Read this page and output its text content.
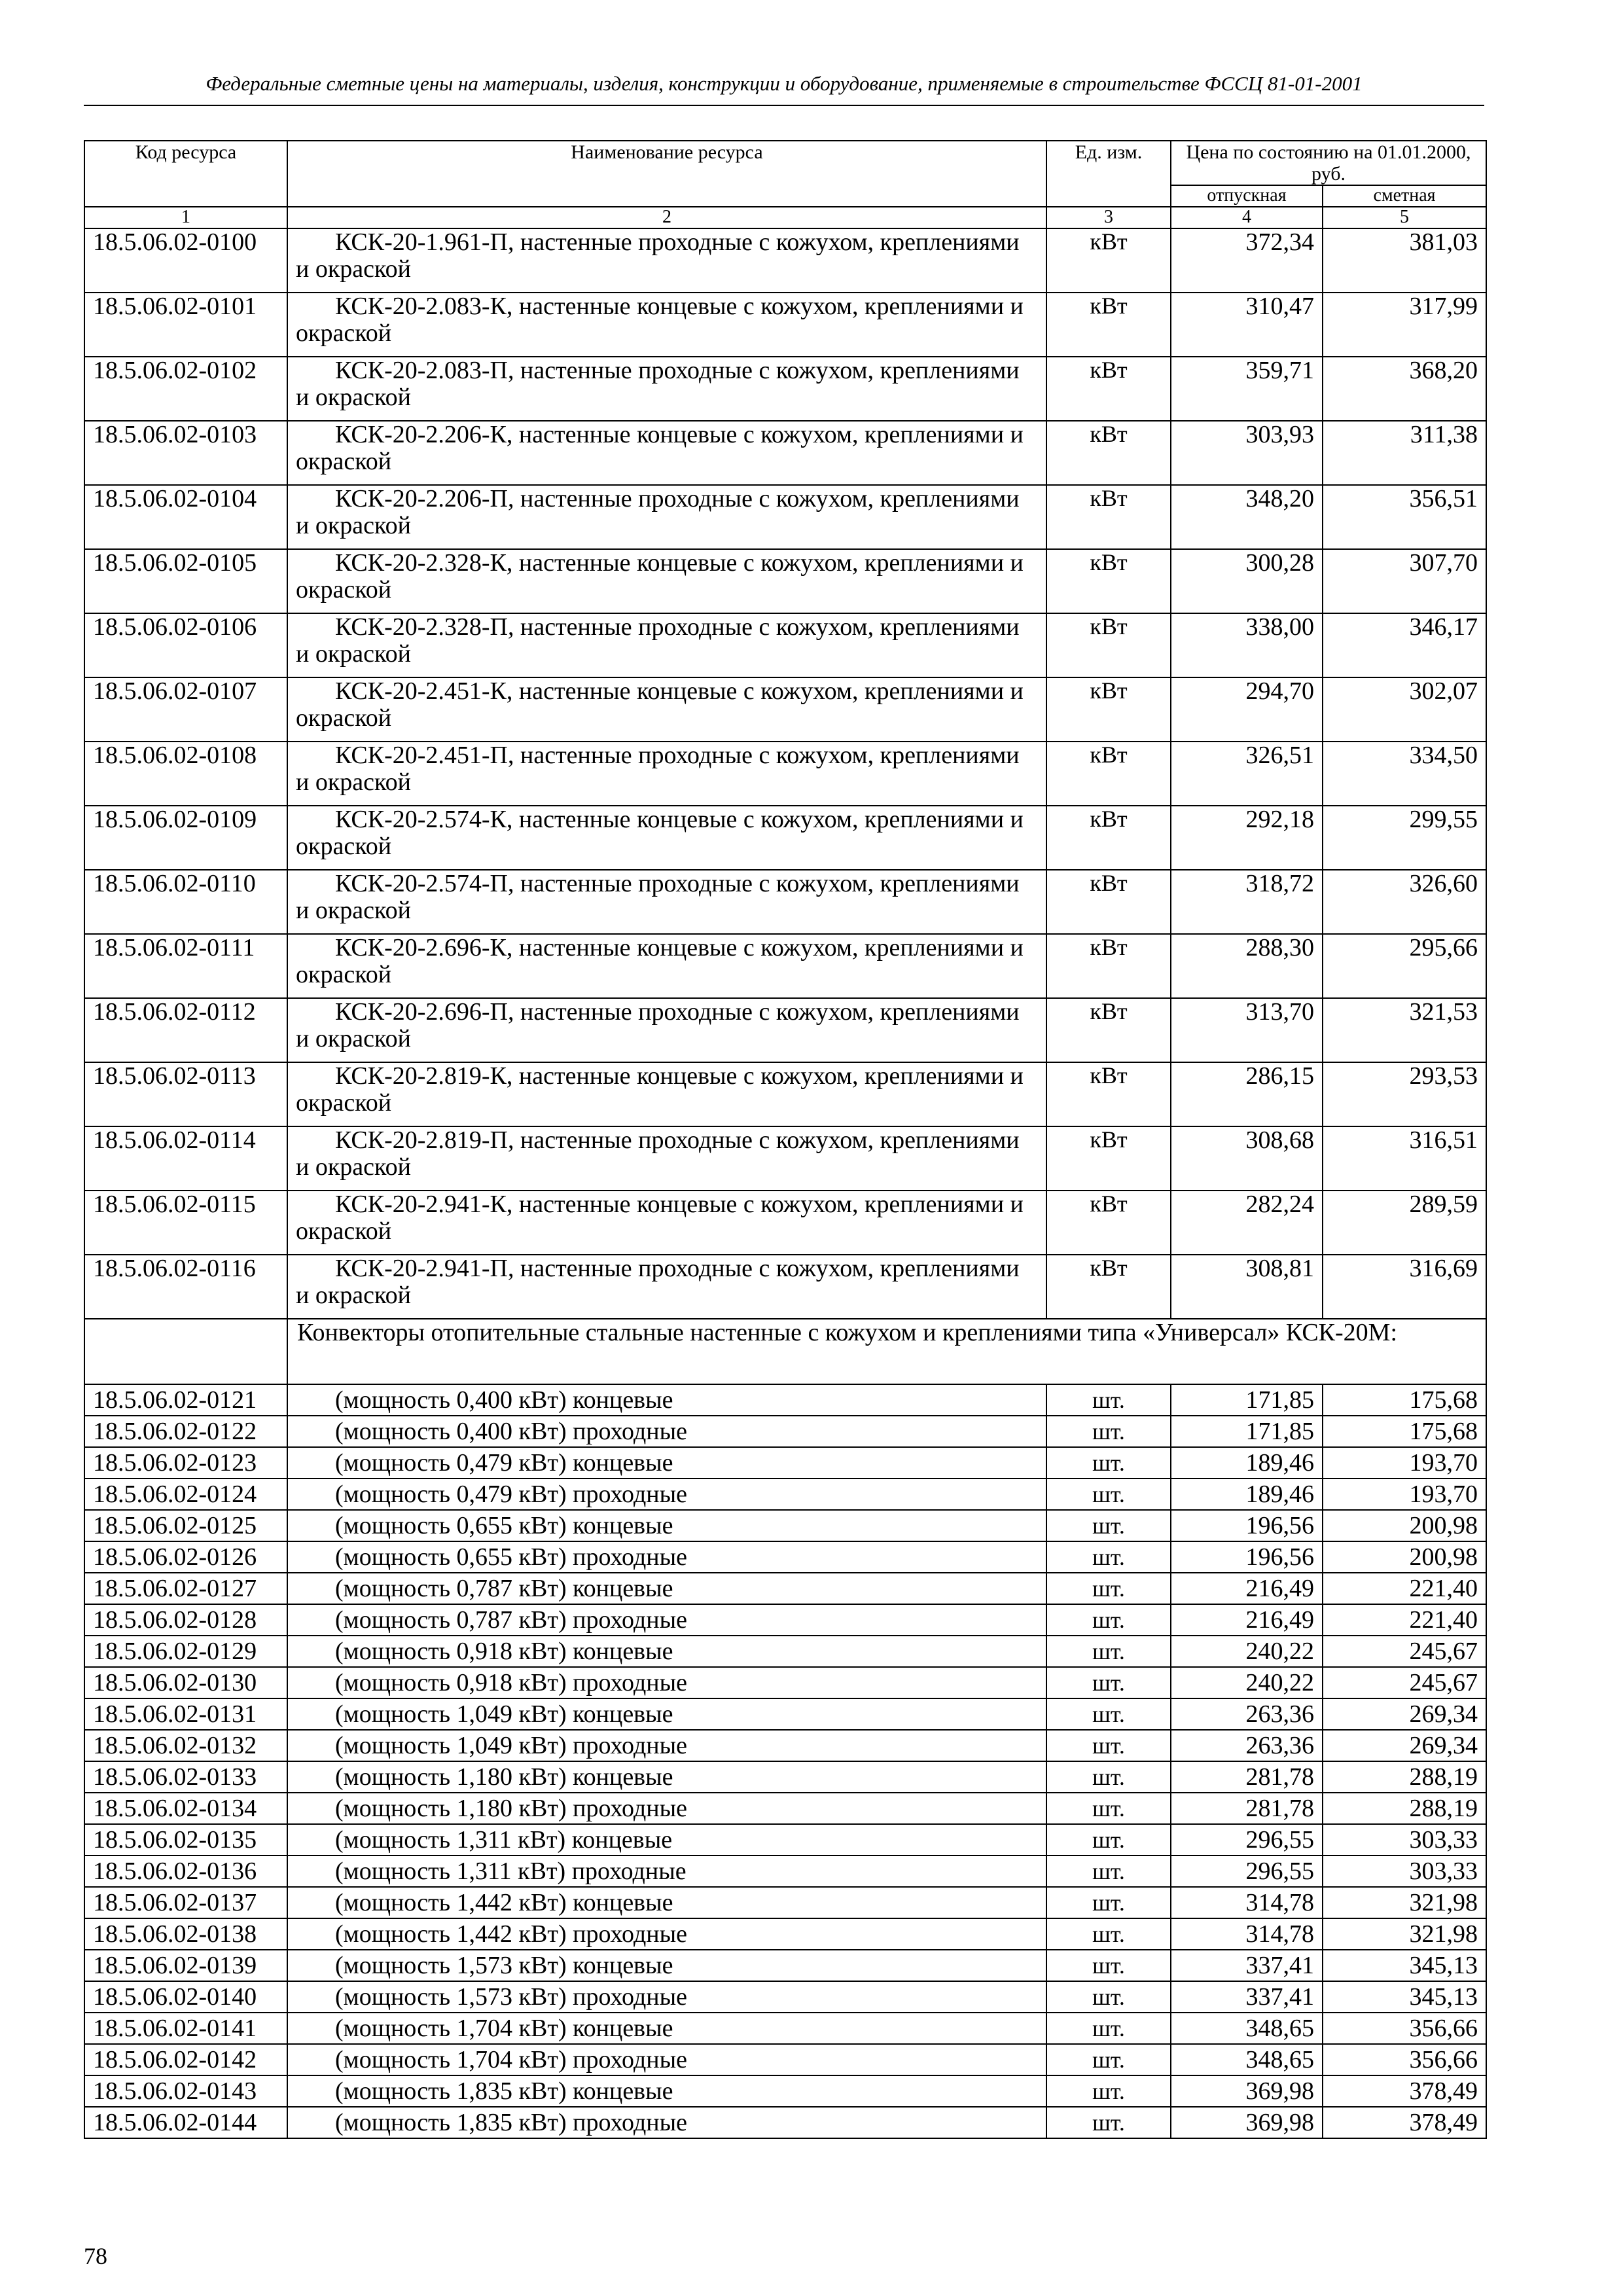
Федеральные сметные цены на материалы, изделия, конструкции и оборудование, применяемые в строительстве ФССЦ 81-01-2001
Код ресурса	Наименование ресурса	Ед. изм.	Цена по состоянию на 01.01.2000, руб.	
			отпускная	сметная
1	2	3	4	5
18.5.06.02-0100	КСК-20-1.961-П, настенные проходные с кожухом, креплениями и окраской	кВт	372,34	381,03
18.5.06.02-0101	КСК-20-2.083-К, настенные концевые с кожухом, креплениями и окраской	кВт	310,47	317,99
18.5.06.02-0102	КСК-20-2.083-П, настенные проходные с кожухом, креплениями и окраской	кВт	359,71	368,20
18.5.06.02-0103	КСК-20-2.206-К, настенные концевые с кожухом, креплениями и окраской	кВт	303,93	311,38
18.5.06.02-0104	КСК-20-2.206-П, настенные проходные с кожухом, креплениями и окраской	кВт	348,20	356,51
18.5.06.02-0105	КСК-20-2.328-К, настенные концевые с кожухом, креплениями и окраской	кВт	300,28	307,70
18.5.06.02-0106	КСК-20-2.328-П, настенные проходные с кожухом, креплениями и окраской	кВт	338,00	346,17
18.5.06.02-0107	КСК-20-2.451-К, настенные концевые с кожухом, креплениями и окраской	кВт	294,70	302,07
18.5.06.02-0108	КСК-20-2.451-П, настенные проходные с кожухом, креплениями и окраской	кВт	326,51	334,50
18.5.06.02-0109	КСК-20-2.574-К, настенные концевые с кожухом, креплениями и окраской	кВт	292,18	299,55
18.5.06.02-0110	КСК-20-2.574-П, настенные проходные с кожухом, креплениями и окраской	кВт	318,72	326,60
18.5.06.02-0111	КСК-20-2.696-К, настенные концевые с кожухом, креплениями и окраской	кВт	288,30	295,66
18.5.06.02-0112	КСК-20-2.696-П, настенные проходные с кожухом, креплениями и окраской	кВт	313,70	321,53
18.5.06.02-0113	КСК-20-2.819-К, настенные концевые с кожухом, креплениями и окраской	кВт	286,15	293,53
18.5.06.02-0114	КСК-20-2.819-П, настенные проходные с кожухом, креплениями и окраской	кВт	308,68	316,51
18.5.06.02-0115	КСК-20-2.941-К, настенные концевые с кожухом, креплениями и окраской	кВт	282,24	289,59
18.5.06.02-0116	КСК-20-2.941-П, настенные проходные с кожухом, креплениями и окраской	кВт	308,81	316,69
	Конвекторы отопительные стальные настенные с кожухом и креплениями типа «Универсал» КСК-20М:			
18.5.06.02-0121	(мощность 0,400 кВт) концевые	шт.	171,85	175,68
18.5.06.02-0122	(мощность 0,400 кВт) проходные	шт.	171,85	175,68
18.5.06.02-0123	(мощность 0,479 кВт) концевые	шт.	189,46	193,70
18.5.06.02-0124	(мощность 0,479 кВт) проходные	шт.	189,46	193,70
18.5.06.02-0125	(мощность 0,655 кВт) концевые	шт.	196,56	200,98
18.5.06.02-0126	(мощность 0,655 кВт) проходные	шт.	196,56	200,98
18.5.06.02-0127	(мощность 0,787 кВт) концевые	шт.	216,49	221,40
18.5.06.02-0128	(мощность 0,787 кВт) проходные	шт.	216,49	221,40
18.5.06.02-0129	(мощность 0,918 кВт) концевые	шт.	240,22	245,67
18.5.06.02-0130	(мощность 0,918 кВт) проходные	шт.	240,22	245,67
18.5.06.02-0131	(мощность 1,049 кВт) концевые	шт.	263,36	269,34
18.5.06.02-0132	(мощность 1,049 кВт) проходные	шт.	263,36	269,34
18.5.06.02-0133	(мощность 1,180 кВт) концевые	шт.	281,78	288,19
18.5.06.02-0134	(мощность 1,180 кВт) проходные	шт.	281,78	288,19
18.5.06.02-0135	(мощность 1,311 кВт) концевые	шт.	296,55	303,33
18.5.06.02-0136	(мощность 1,311 кВт) проходные	шт.	296,55	303,33
18.5.06.02-0137	(мощность 1,442 кВт) концевые	шт.	314,78	321,98
18.5.06.02-0138	(мощность 1,442 кВт) проходные	шт.	314,78	321,98
18.5.06.02-0139	(мощность 1,573 кВт) концевые	шт.	337,41	345,13
18.5.06.02-0140	(мощность 1,573 кВт) проходные	шт.	337,41	345,13
18.5.06.02-0141	(мощность 1,704 кВт) концевые	шт.	348,65	356,66
18.5.06.02-0142	(мощность 1,704 кВт) проходные	шт.	348,65	356,66
18.5.06.02-0143	(мощность 1,835 кВт) концевые	шт.	369,98	378,49
18.5.06.02-0144	(мощность 1,835 кВт) проходные	шт.	369,98	378,49
78
